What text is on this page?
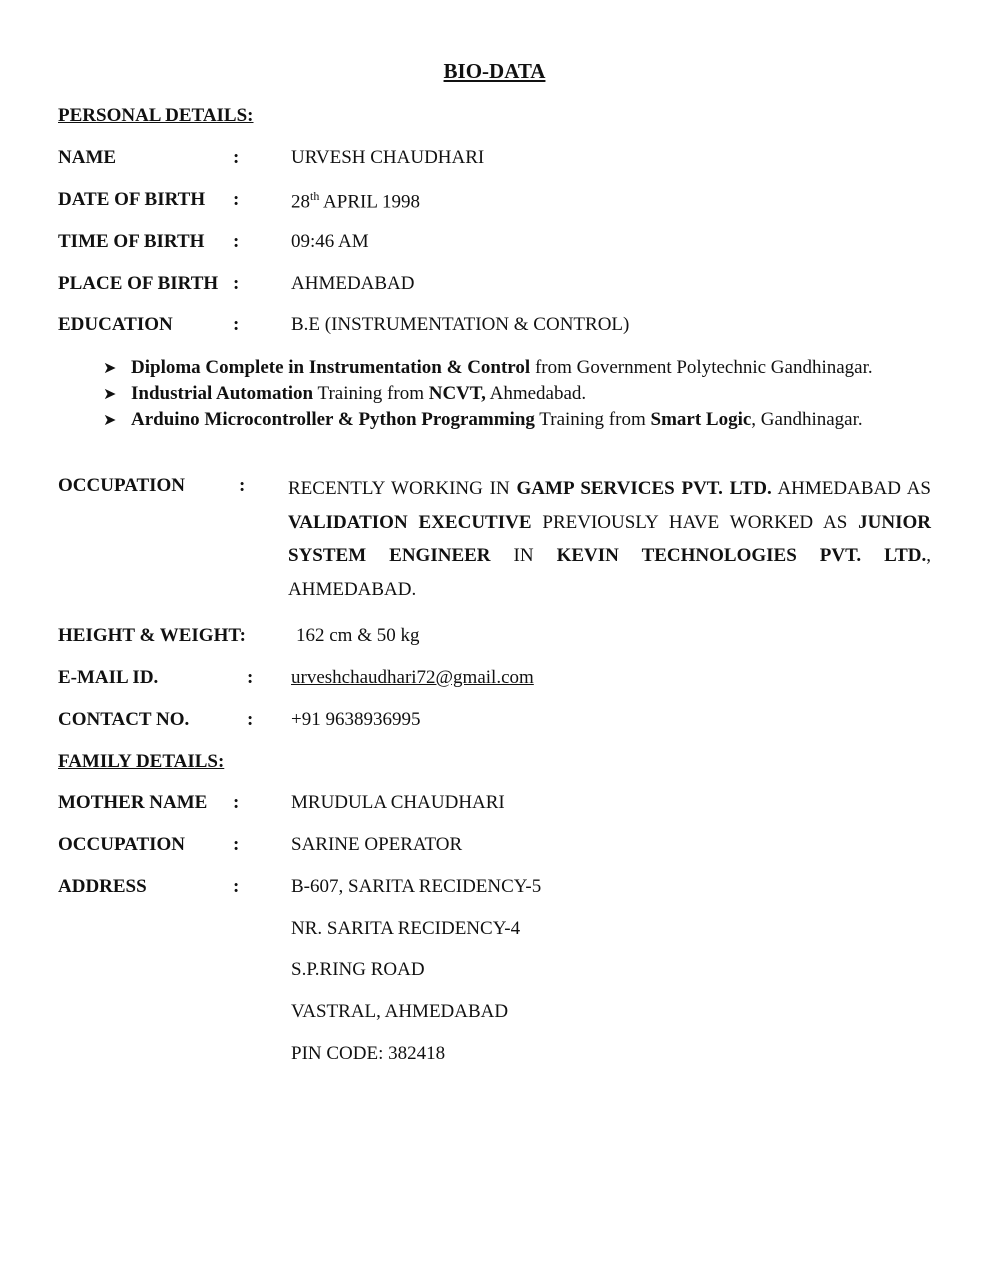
BIO-DATA
PERSONAL DETAILS:
NAME	:	URVESH CHAUDHARI
DATE OF BIRTH :	28th APRIL 1998
TIME OF BIRTH :	09:46 AM
PLACE OF BIRTH :	AHMEDABAD
EDUCATION	:	B.E (INSTRUMENTATION & CONTROL)
➤ Diploma Complete in Instrumentation & Control from Government Polytechnic Gandhinagar.
➤ Industrial Automation Training from NCVT, Ahmedabad.
➤ Arduino Microcontroller & Python Programming Training from Smart Logic, Gandhinagar.
OCCUPATION	: RECENTLY WORKING IN GAMP SERVICES PVT. LTD. AHMEDABAD AS VALIDATION EXECUTIVE PREVIOUSLY HAVE WORKED AS JUNIOR SYSTEM ENGINEER IN KEVIN TECHNOLOGIES PVT. LTD., AHMEDABAD.
HEIGHT & WEIGHT:	162 cm & 50 kg
E-MAIL ID.	: urveshchaudhari72@gmail.com
CONTACT NO.	: +91 9638936995
FAMILY DETAILS:
MOTHER NAME :	MRUDULA CHAUDHARI
OCCUPATION	:	SARINE OPERATOR
ADDRESS	:	B-607, SARITA RECIDENCY-5
NR. SARITA RECIDENCY-4
S.P.RING ROAD
VASTRAL, AHMEDABAD
PIN CODE: 382418
